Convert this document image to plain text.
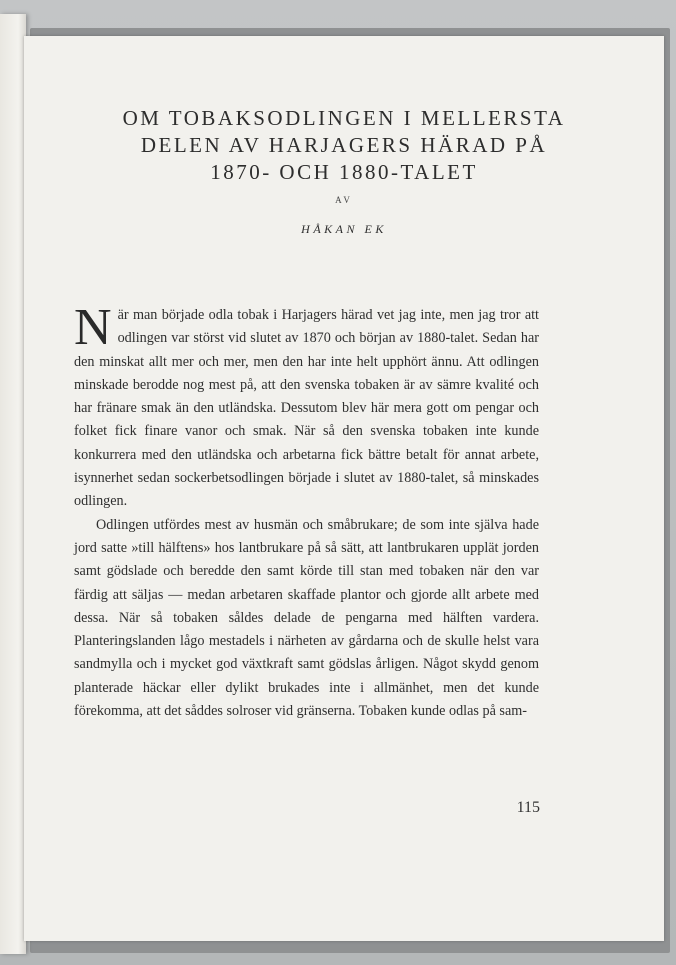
OM TOBAKSODLINGEN I MELLERSTA
DELEN AV HARJAGERS HÄRAD PÅ
1870- OCH 1880-TALET
AV
HÅKAN EK

N är man började odla tobak i Harjagers härad vet jag inte, men jag tror att odlingen var störst vid slutet av 1870 och början av 1880-talet. Sedan har den minskat allt mer och mer, men den har inte helt upphört ännu. Att odlingen minskade berodde nog mest på, att den svenska tobaken är av sämre kvalité och har fränare smak än den utländska. Dessutom blev här mera gott om pengar och folket fick finare vanor och smak. När så den svenska tobaken inte kunde konkurrera med den utländska och arbetarna fick bättre betalt för annat arbete, isynnerhet sedan sockerbetsodlingen började i slutet av 1880-talet, så minskades odlingen.

Odlingen utfördes mest av husmän och småbrukare; de som inte själva hade jord satte »till hälftens» hos lantbrukare på så sätt, att lantbrukaren upplät jorden samt gödslade och beredde den samt körde till stan med tobaken när den var färdig att säljas — medan arbetaren skaffade plantor och gjorde allt arbete med dessa. När så tobaken såldes delade de pengarna med hälften vardera. Planteringslanden lågo mestadels i närheten av gårdarna och de skulle helst vara sandmylla och i mycket god växtkraft samt gödslas årligen. Något skydd genom planterade häckar eller dylikt brukades inte i allmänhet, men det kunde förekomma, att det såddes solroser vid gränserna. Tobaken kunde odlas på sam-

115
